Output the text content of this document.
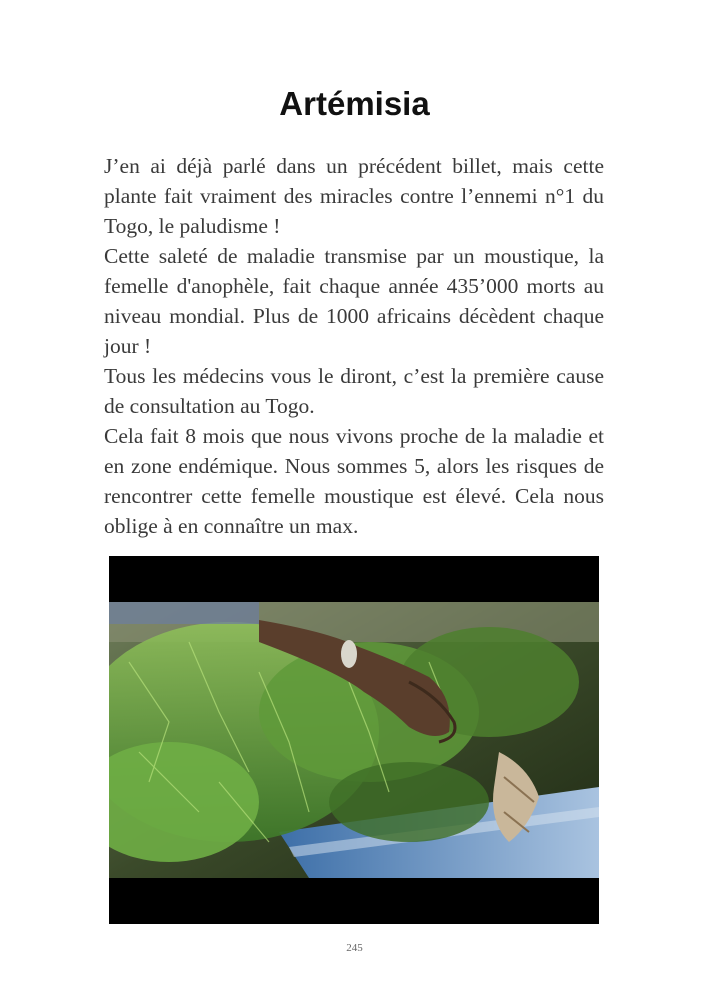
Artémisia

J’en ai déjà parlé dans un précédent billet, mais cette plante fait vraiment des miracles contre l’ennemi n°1 du Togo, le paludisme !

Cette saleté de maladie transmise par un moustique, la femelle d'anophèle, fait chaque année 435’000 morts au niveau mondial. Plus de 1000 africains décèdent chaque jour !

Tous les médecins vous le diront, c’est la première cause de consultation au Togo.

Cela fait 8 mois que nous vivons proche de la maladie et en zone endémique. Nous sommes 5, alors les risques de rencontrer cette femelle moustique est élevé. Cela nous oblige à en connaître un max.

245
